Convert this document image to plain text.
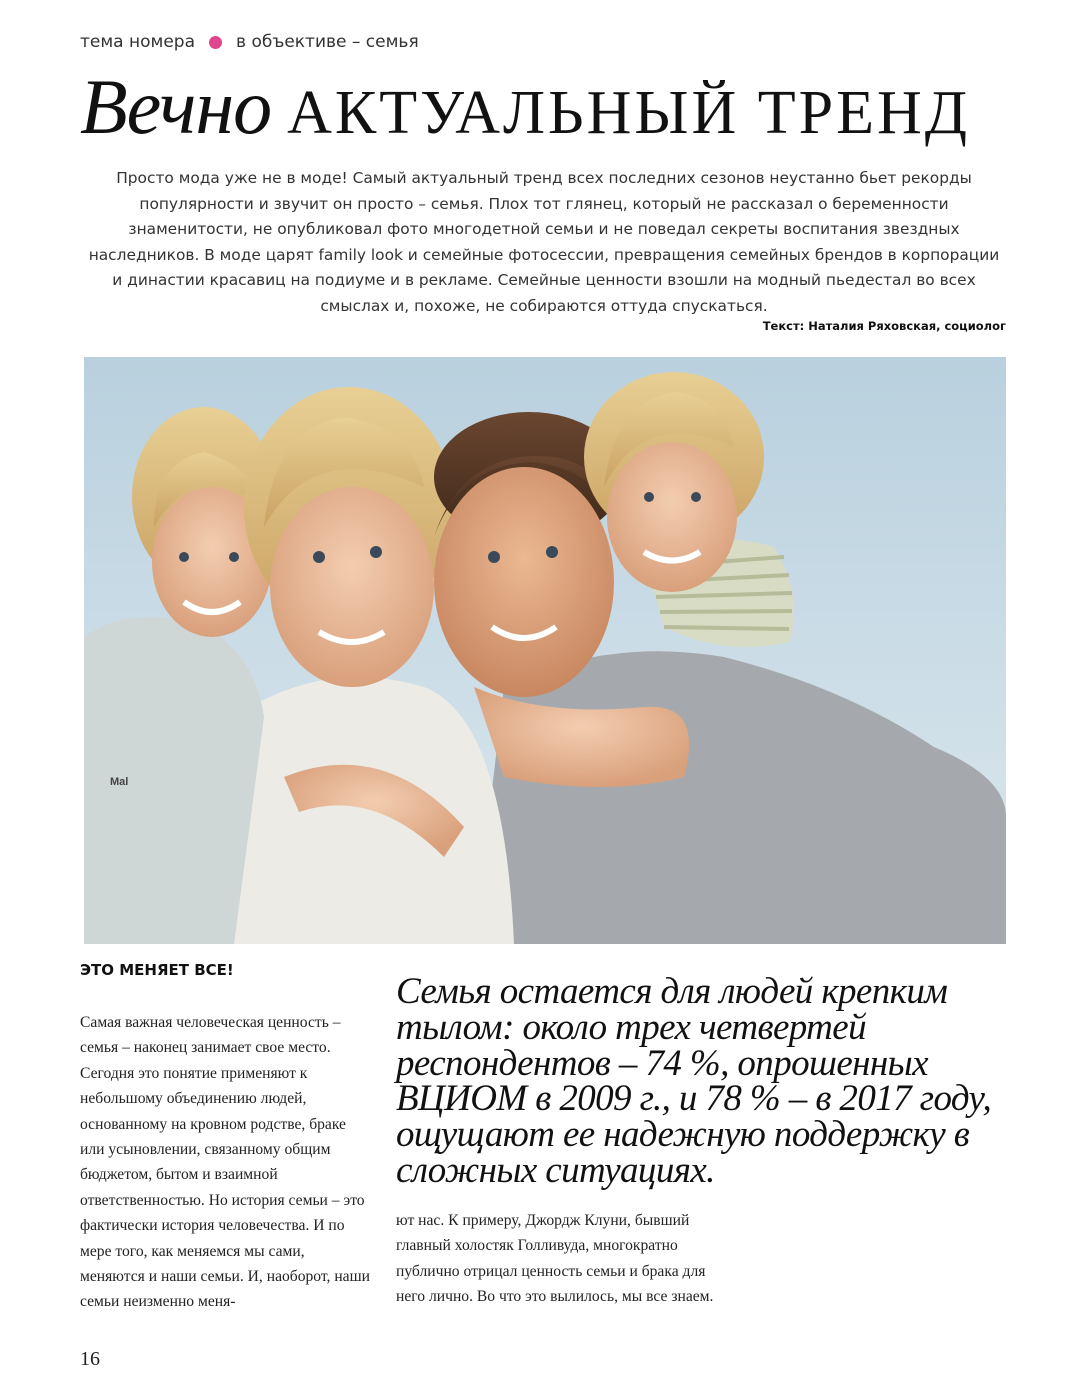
тема номера в объективе – семья
Вечно АКТУАЛЬНЫЙ ТРЕНД

Просто мода уже не в моде! Самый актуальный тренд всех последних сезонов неустанно бьет рекорды популярности и звучит он просто – семья. Плох тот глянец, который не рассказал о беременности знаменитости, не опубликовал фото многодетной семьи и не поведал секреты воспитания звездных наследников. В моде царят family look и семейные фотосессии, превращения семейных брендов в корпорации и династии красавиц на подиуме и в рекламе. Семейные ценности взошли на модный пьедестал во всех смыслах и, похоже, не собираются оттуда спускаться.

Текст: Наталия Ряховская, социолог
Mal
ЭТО МЕНЯЕТ ВСЕ!

Самая важная человеческая ценность – семья – наконец занимает свое место. Сегодня это понятие применяют к небольшому объединению людей, основанному на кровном родстве, браке или усыновлении, связанному общим бюджетом, бытом и взаимной ответственностью. Но история семьи – это фактически история человечества. И по мере того, как меняемся мы сами, меняются и наши семьи. И, наоборот, наши семьи неизменно меня-

Семья остается для людей крепким тылом: около трех четвертей респондентов – 74 %, опрошенных ВЦИОМ в 2009 г., и 78 % – в 2017 году, ощущают ее надежную поддержку в сложных ситуациях.

ют нас. К примеру, Джордж Клуни, бывший главный холостяк Голливуда, многократно публично отрицал ценность семьи и брака для него лично. Во что это вылилось, мы все знаем.

16
